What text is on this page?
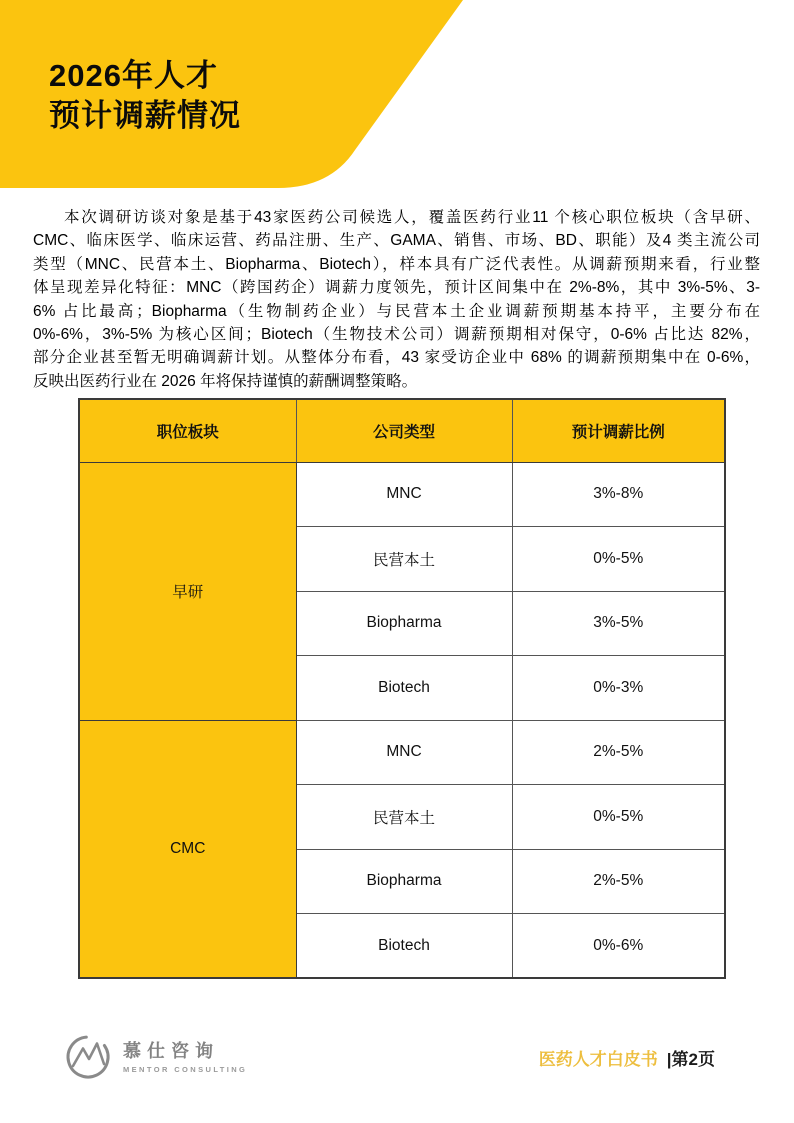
2026年人才
预计调薪情况
本次调研访谈对象是基于43家医药公司候选人，覆盖医药行业11 个核心职位板块（含早研、
CMC、临床医学、临床运营、药品注册、生产、GAMA、销售、市场、BD、职能）及4 类主流公司
类型（MNC、民营本土、Biopharma、Biotech），样本具有广泛代表性。从调薪预期来看，行业整
体呈现差异化特征：MNC（跨国药企）调薪力度领先，预计区间集中在 2%-8%，其中 3%-5%、3-
6% 占比最高；Biopharma（生物制药企业）与民营本土企业调薪预期基本持平，主要分布在
0%-6%，3%-5% 为核心区间；Biotech（生物技术公司）调薪预期相对保守，0-6% 占比达 82%，
部分企业甚至暂无明确调薪计划。从整体分布看，43 家受访企业中 68% 的调薪预期集中在 0-6%，
反映出医药行业在 2026 年将保持谨慎的薪酬调整策略。
职位板块	公司类型	预计调薪比例
早研	MNC	3%-8%
	民营本土	0%-5%
	Biopharma	3%-5%
	Biotech	0%-3%
CMC	MNC	2%-5%
	民营本土	0%-5%
	Biopharma	2%-5%
	Biotech	0%-6%
慕仕咨询
MENTOR CONSULTING	医药人才白皮书 |第2页
